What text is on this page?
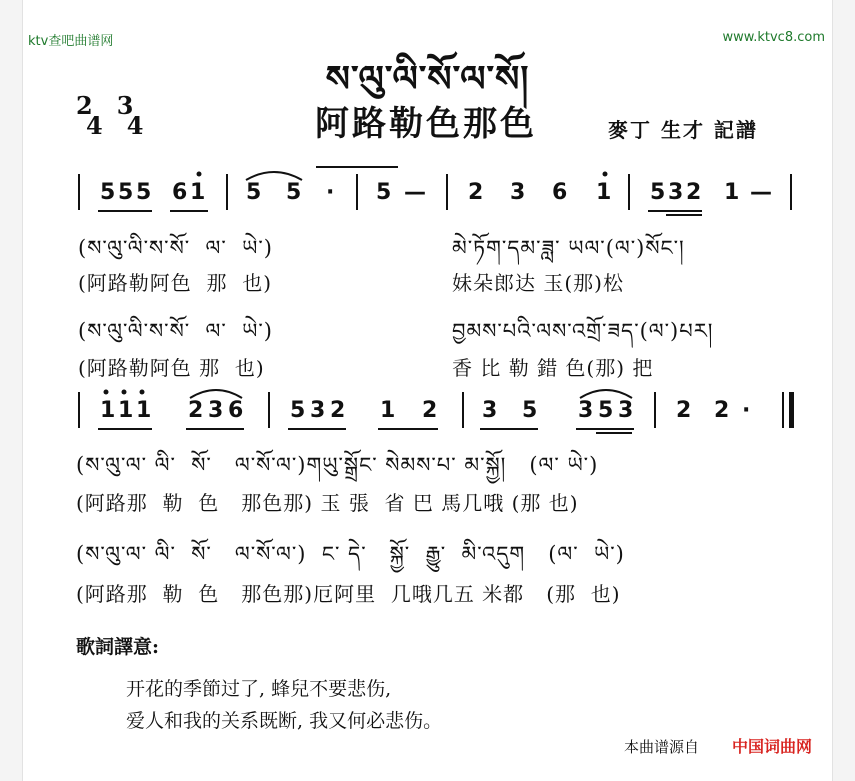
ktv查吧曲谱网	www.ktvc8.com
ས་ལུ་ལི་སོ་ལ་སོ།
2
4
3
4	阿路勒色那色	麥丁 生才 記譜
5 5 5 6 1 5 5 · 5 — 2 3 6 1 5 3 2 1 —
(ས་ལུ་ལི་ས་སོ་  ལ་  ཡེ་)	མེ་ཏོག་དམ་ཟླ་ ཡལ་(ལ་)སོང་།
(阿路勒阿色  那  也)	妹朵郎达 玉(那)松
(ས་ལུ་ལི་ས་སོ་  ལ་  ཡེ་)	བྱམས་པའི་ལས་འགྲོ་ཟད་(ལ་)པར།
(阿路勒阿色 那  也)	香 比 勒 錯 色(那) 把
1 1 1 2 3 6 5 3 2 1 2 3 5 3 5 3 2 2 ·
(ས་ལུ་ལ་ ལི་  སོ་   ལ་སོ་ལ་)གཡུ་སྒྲོང་ སེམས་པ་ མ་སྐྱོ།   (ལ་ ཡེ་)
(阿路那  勒  色   那色那) 玉 張  省 巴 馬几哦 (那 也)
(ས་ལུ་ལ་ ལི་  སོ་   ལ་སོ་ལ་)  ང་ དེ་   སྐྱོ་  རྒྱུ་  མི་འདུག   (ལ་  ཡེ་)
(阿路那  勒  色   那色那)厄阿里  几哦几五 米都   (那  也)
歌詞譯意:
开花的季節过了, 蜂兒不要悲伤,
爱人和我的关系既断, 我又何必悲伤。
本曲谱源自 中国词曲网
